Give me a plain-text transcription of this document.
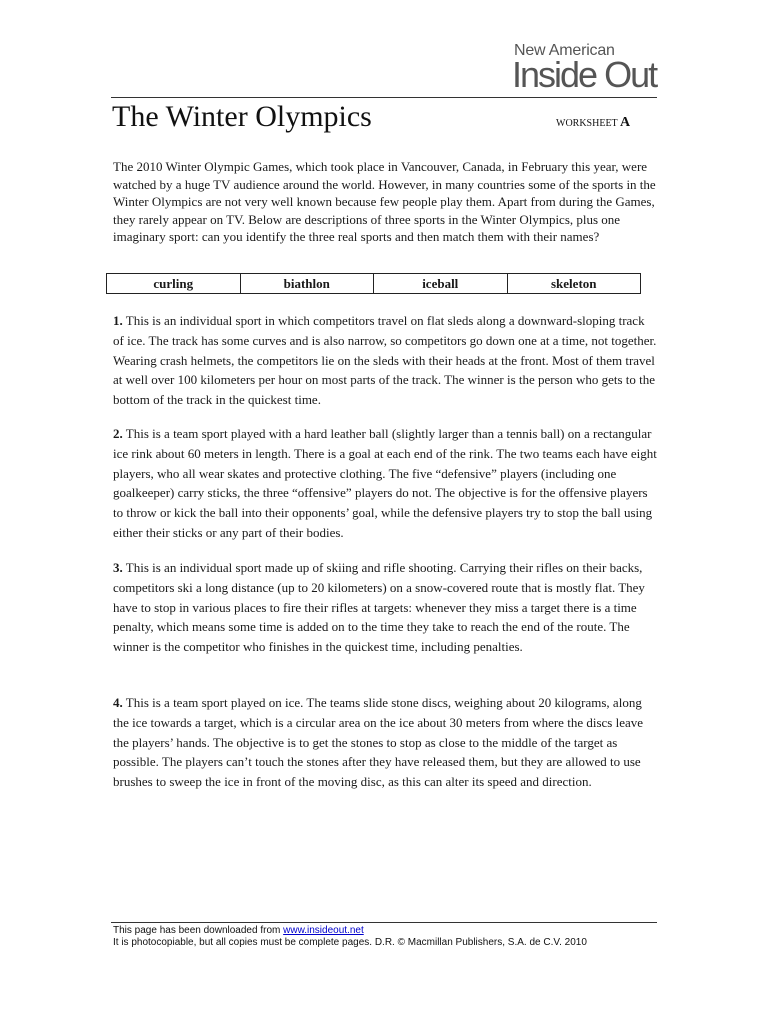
New American
Inside Out
The Winter Olympics	WORKSHEET A

The 2010 Winter Olympic Games, which took place in Vancouver, Canada, in February this year, were watched by a huge TV audience around the world. However, in many countries some of the sports in the Winter Olympics are not very well known because few people play them. Apart from during the Games, they rarely appear on TV. Below are descriptions of three sports in the Winter Olympics, plus one imaginary sport: can you identify the three real sports and then match them with their names?

curling	biathlon	iceball	skeleton

1. This is an individual sport in which competitors travel on flat sleds along a downward-sloping track of ice. The track has some curves and is also narrow, so competitors go down one at a time, not together. Wearing crash helmets, the competitors lie on the sleds with their heads at the front. Most of them travel at well over 100 kilometers per hour on most parts of the track. The winner is the person who gets to the bottom of the track in the quickest time.

2. This is a team sport played with a hard leather ball (slightly larger than a tennis ball) on a rectangular ice rink about 60 meters in length. There is a goal at each end of the rink. The two teams each have eight players, who all wear skates and protective clothing. The five “defensive” players (including one goalkeeper) carry sticks, the three “offensive” players do not. The objective is for the offensive players to throw or kick the ball into their opponents’ goal, while the defensive players try to stop the ball using either their sticks or any part of their bodies.

3. This is an individual sport made up of skiing and rifle shooting. Carrying their rifles on their backs, competitors ski a long distance (up to 20 kilometers) on a snow-covered route that is mostly flat. They have to stop in various places to fire their rifles at targets: whenever they miss a target there is a time penalty, which means some time is added on to the time they take to reach the end of the route. The winner is the competitor who finishes in the quickest time, including penalties.

4. This is a team sport played on ice. The teams slide stone discs, weighing about 20 kilograms, along the ice towards a target, which is a circular area on the ice about 30 meters from where the discs leave the players’ hands. The objective is to get the stones to stop as close to the middle of the target as possible. The players can’t touch the stones after they have released them, but they are allowed to use brushes to sweep the ice in front of the moving disc, as this can alter its speed and direction.

This page has been downloaded from www.insideout.net
It is photocopiable, but all copies must be complete pages. D.R. © Macmillan Publishers, S.A. de C.V. 2010
